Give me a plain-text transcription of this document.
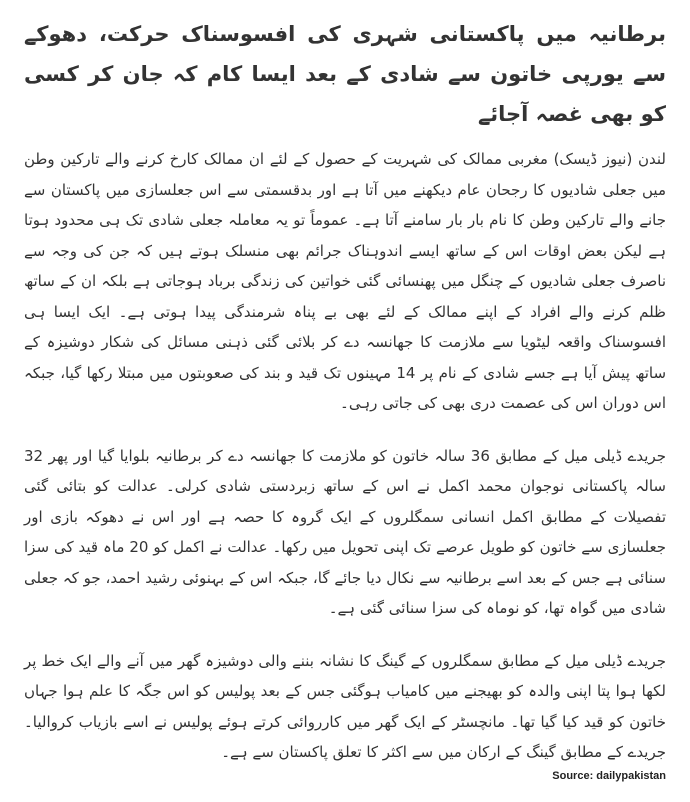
برطانیہ میں پاکستانی شہری کی افسوسناک حرکت، دھوکے سے یورپی خاتون سے شادی کے بعد ایسا کام کہ جان کر کسی کو بھی غصہ آجائے

لندن (نیوز ڈیسک) مغربی ممالک کی شہریت کے حصول کے لئے ان ممالک کارخ کرنے والے تارکین وطن میں جعلی شادیوں کا رجحان عام دیکھنے میں آتا ہے اور بدقسمتی سے اس جعلسازی میں پاکستان سے جانے والے تارکین وطن کا نام بار بار سامنے آتا ہے۔ عموماً تو یہ معاملہ جعلی شادی تک ہی محدود ہوتا ہے لیکن بعض اوقات اس کے ساتھ ایسے اندوہناک جرائم بھی منسلک ہوتے ہیں کہ جن کی وجہ سے ناصرف جعلی شادیوں کے چنگل میں پھنسائی گئی خواتین کی زندگی برباد ہوجاتی ہے بلکہ ان کے ساتھ ظلم کرنے والے افراد کے اپنے ممالک کے لئے بھی بے پناہ شرمندگی پیدا ہوتی ہے۔ ایک ایسا ہی افسوسناک واقعہ لیٹویا سے ملازمت کا جھانسہ دے کر بلائی گئی ذہنی مسائل کی شکار دوشیزہ کے ساتھ پیش آیا ہے جسے شادی کے نام پر 14 مہینوں تک قید و بند کی صعوبتوں میں مبتلا رکھا گیا، جبکہ اس دوران اس کی عصمت دری بھی کی جاتی رہی۔

جریدے ڈیلی میل کے مطابق 36 سالہ خاتون کو ملازمت کا جھانسہ دے کر برطانیہ بلوایا گیا اور پھر 32 سالہ پاکستانی نوجوان محمد اکمل نے اس کے ساتھ زبردستی شادی کرلی۔ عدالت کو بتائی گئی تفصیلات کے مطابق اکمل انسانی سمگلروں کے ایک گروہ کا حصہ ہے اور اس نے دھوکہ بازی اور جعلسازی سے خاتون کو طویل عرصے تک اپنی تحویل میں رکھا۔ عدالت نے اکمل کو 20 ماہ قید کی سزا سنائی ہے جس کے بعد اسے برطانیہ سے نکال دیا جائے گا، جبکہ اس کے بہنوئی رشید احمد، جو کہ جعلی شادی میں گواہ تھا، کو نوماہ کی سزا سنائی گئی ہے۔

جریدے ڈیلی میل کے مطابق سمگلروں کے گینگ کا نشانہ بننے والی دوشیزہ گھر میں آنے والے ایک خط پر لکھا ہوا پتا اپنی والدہ کو بھیجنے میں کامیاب ہوگئی جس کے بعد پولیس کو اس جگہ کا علم ہوا جہاں خاتون کو قید کیا گیا تھا۔ مانچسٹر کے ایک گھر میں کارروائی کرتے ہوئے پولیس نے اسے بازیاب کروالیا۔ جریدے کے مطابق گینگ کے ارکان میں سے اکثر کا تعلق پاکستان سے ہے۔

Source: dailypakistan
